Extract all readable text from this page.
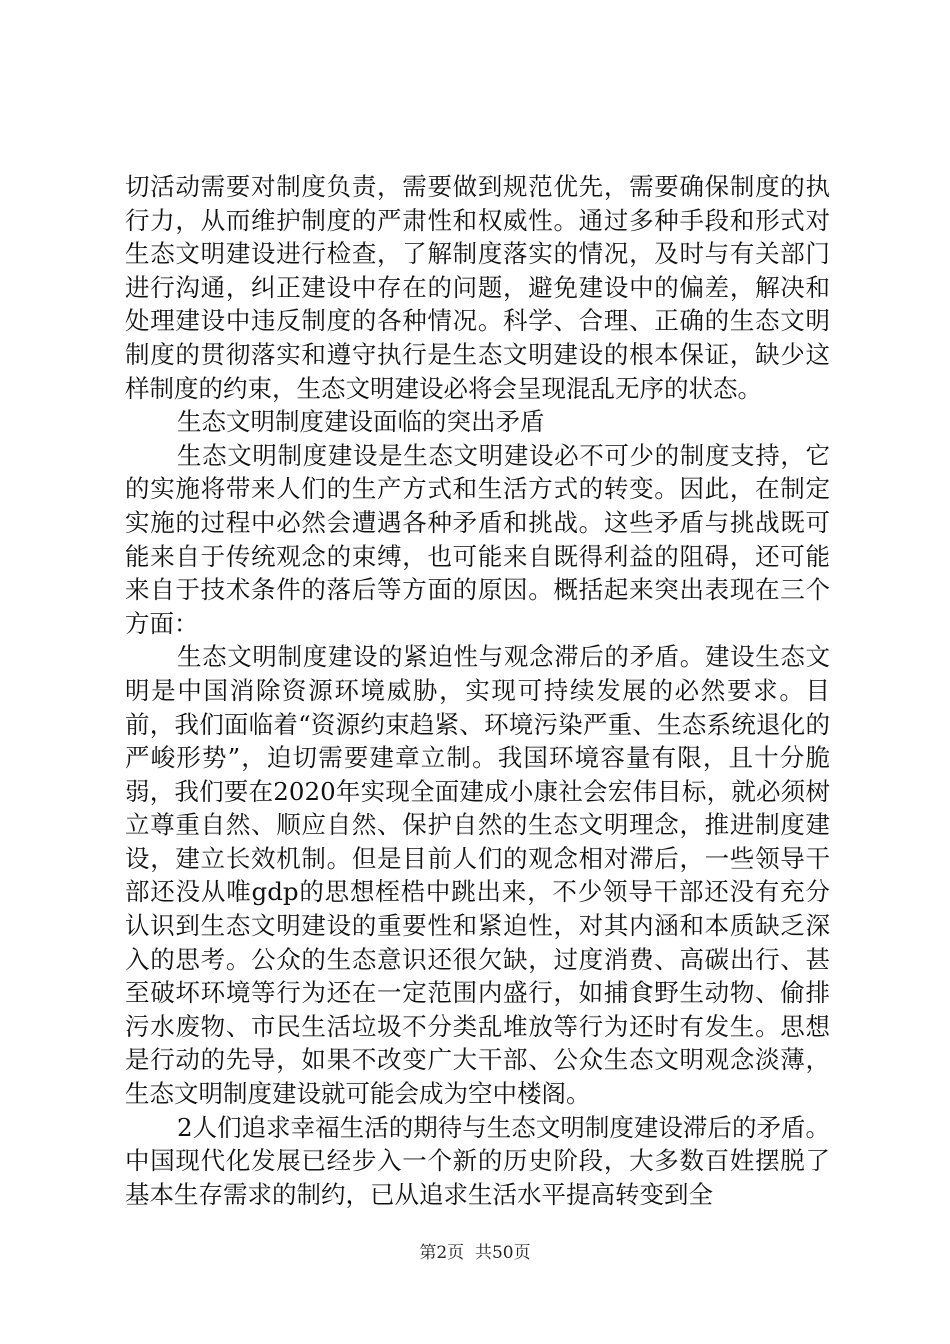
切活动需要对制度负责，需要做到规范优先，需要确保制度的执行力，从而维护制度的严肃性和权威性。通过多种手段和形式对生态文明建设进行检查，了解制度落实的情况，及时与有关部门进行沟通，纠正建设中存在的问题，避免建设中的偏差，解决和处理建设中违反制度的各种情况。科学、合理、正确的生态文明制度的贯彻落实和遵守执行是生态文明建设的根本保证，缺少这样制度的约束，生态文明建设必将会呈现混乱无序的状态。

生态文明制度建设面临的突出矛盾

生态文明制度建设是生态文明建设必不可少的制度支持，它的实施将带来人们的生产方式和生活方式的转变。因此，在制定实施的过程中必然会遭遇各种矛盾和挑战。这些矛盾与挑战既可能来自于传统观念的束缚，也可能来自既得利益的阻碍，还可能来自于技术条件的落后等方面的原因。概括起来突出表现在三个方面：

生态文明制度建设的紧迫性与观念滞后的矛盾。建设生态文明是中国消除资源环境威胁，实现可持续发展的必然要求。目前，我们面临着“资源约束趋紧、环境污染严重、生态系统退化的严峻形势”，迫切需要建章立制。我国环境容量有限，且十分脆弱，我们要在2020年实现全面建成小康社会宏伟目标，就必须树立尊重自然、顺应自然、保护自然的生态文明理念，推进制度建设，建立长效机制。但是目前人们的观念相对滞后，一些领导干部还没从唯gdp的思想桎梏中跳出来，不少领导干部还没有充分认识到生态文明建设的重要性和紧迫性，对其内涵和本质缺乏深入的思考。公众的生态意识还很欠缺，过度消费、高碳出行、甚至破坏环境等行为还在一定范围内盛行，如捕食野生动物、偷排污水废物、市民生活垃圾不分类乱堆放等行为还时有发生。思想是行动的先导，如果不改变广大干部、公众生态文明观念淡薄，生态文明制度建设就可能会成为空中楼阁。

2人们追求幸福生活的期待与生态文明制度建设滞后的矛盾。中国现代化发展已经步入一个新的历史阶段，大多数百姓摆脱了基本生存需求的制约，已从追求生活水平提高转变到全

第2页  共50页
